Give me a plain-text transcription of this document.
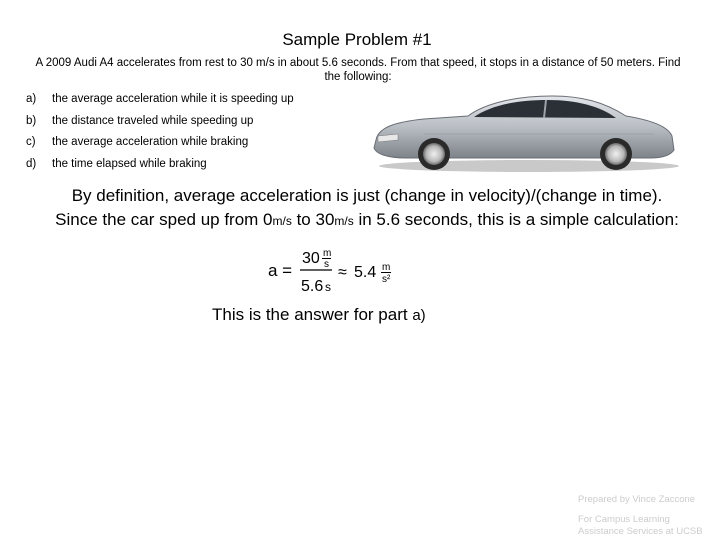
Sample Problem #1
A 2009 Audi A4 accelerates from rest to 30 m/s in about 5.6 seconds. From that speed, it stops in a distance of 50 meters. Find the following:
a) the average acceleration while it is speeding up
b) the distance traveled while speeding up
c) the average acceleration while braking
d) the time elapsed while braking
By definition, average acceleration is just (change in velocity)/(change in time).
Since the car sped up from 0m/s to 30m/s in 5.6 seconds, this is a simple calculation:
a =
30 m
s
5.6 s
≈ 5.4 m
s²
This is the answer for part a)
Prepared by Vince Zaccone
For Campus Learning
Assistance Services at UCSB
